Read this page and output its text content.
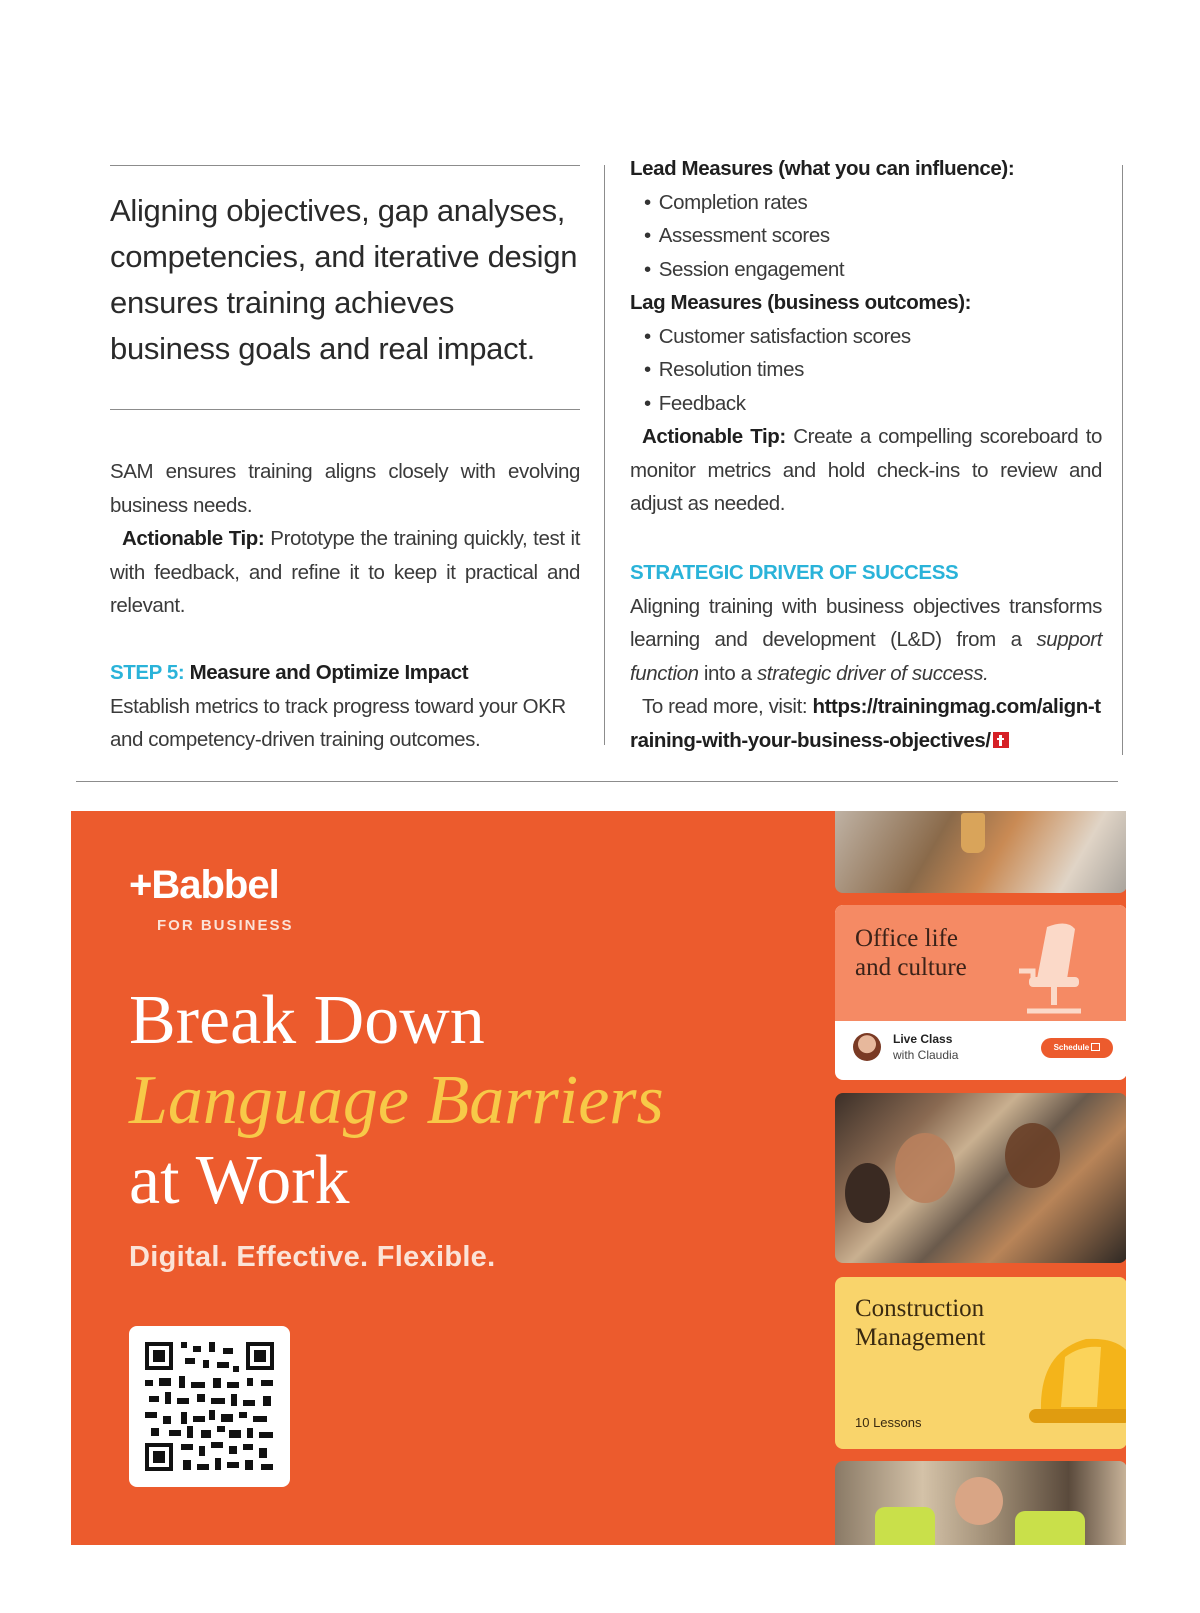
Aligning objectives, gap analyses, competencies, and iterative design ensures training achieves business goals and real impact.
SAM ensures training aligns closely with evolving business needs.
Actionable Tip: Prototype the training quickly, test it with feedback, and refine it to keep it practical and relevant.
STEP 5: Measure and Optimize Impact
Establish metrics to track progress toward your OKR and competency-driven training outcomes.
Lead Measures (what you can influence):
• Completion rates
• Assessment scores
• Session engagement
Lag Measures (business outcomes):
• Customer satisfaction scores
• Resolution times
• Feedback
Actionable Tip: Create a compelling scoreboard to monitor metrics and hold check-ins to review and adjust as needed.
STRATEGIC DRIVER OF SUCCESS
Aligning training with business objectives transforms learning and development (L&D) from a support function into a strategic driver of success.
To read more, visit: https://trainingmag.com/align-training-with-your-business-objectives/
+Babbel
FOR BUSINESS
Break Down
Language Barriers
at Work
Digital. Effective. Flexible.
Office life
and culture
Live Class
with Claudia
Schedule
Construction
Management
10 Lessons
